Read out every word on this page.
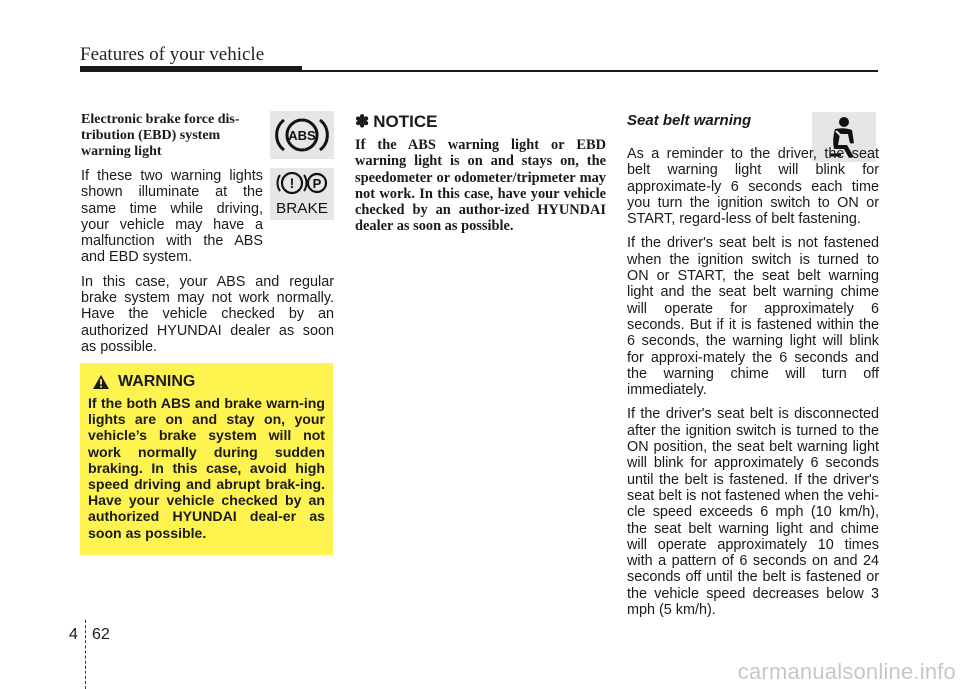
Features of your vehicle
ABS
! P
BRAKE

Electronic brake force dis-
tribution (EBD) system
warning light

If these two warning lights shown illuminate at the same time while driving, your vehicle may have a malfunction with the ABS and EBD system.

In this case, your ABS and regular brake system may not work normally. Have the vehicle checked by an authorized HYUNDAI dealer as soon as possible.

WARNING

If the both ABS and brake warn-ing lights are on and stay on, your vehicle’s brake system will not work normally during sudden braking. In this case, avoid high speed driving and abrupt brak-ing. Have your vehicle checked by an authorized HYUNDAI deal-er as soon as possible.

✽ NOTICE

If the ABS warning light or EBD warning light is on and stays on, the speedometer or odometer/tripmeter may not work. In this case, have your vehicle checked by an author-ized HYUNDAI dealer as soon as possible.

Seat belt warning

As a reminder to the driver, the seat belt warning light will blink for approximate-ly 6 seconds each time you turn the ignition switch to ON or START, regard-less of belt fastening.

If the driver's seat belt is not fastened when the ignition switch is turned to ON or START, the seat belt warning light and the seat belt warning chime will operate for approximately 6 seconds. But if it is fastened within the 6 seconds, the warning light will blink for approxi-mately the 6 seconds and the warning chime will turn off immediately.

If the driver's seat belt is disconnected after the ignition switch is turned to the ON position, the seat belt warning light will blink for approximately 6 seconds until the belt is fastened. If the driver's seat belt is not fastened when the vehi-cle speed exceeds 6 mph (10 km/h), the seat belt warning light and chime will operate approximately 10 times with a pattern of 6 seconds on and 24 seconds off until the belt is fastened or the vehicle speed decreases below 3 mph (5 km/h).

4 62
carmanualsonline.info
